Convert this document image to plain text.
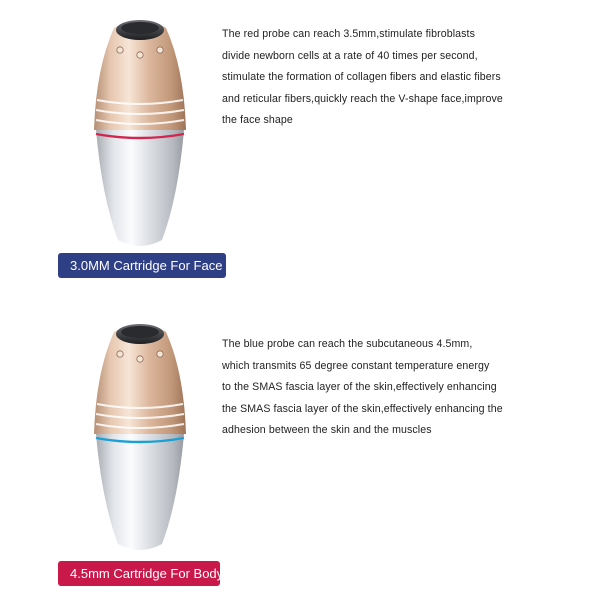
The red probe can reach 3.5mm,stimulate fibroblasts
divide newborn cells at a rate of 40 times per second,
stimulate the formation of collagen fibers and elastic fibers
and reticular fibers,quickly reach the V-shape face,improve
the face shape

3.0MM Cartridge For Face

The blue probe can reach the subcutaneous 4.5mm,
which transmits 65 degree constant temperature energy
to the SMAS fascia layer of the skin,effectively enhancing
the SMAS fascia layer of the skin,effectively enhancing the
adhesion between the skin and the muscles

4.5mm Cartridge For Body
